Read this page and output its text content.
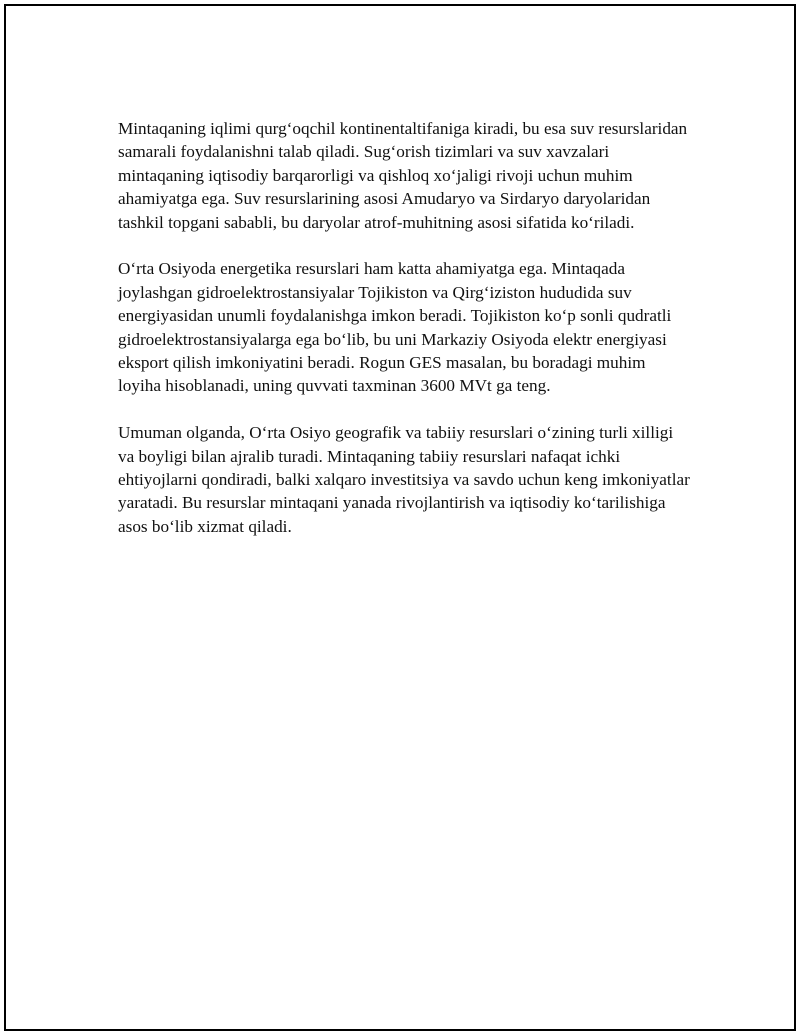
Mintaqaning iqlimi qurg‘oqchil kontinentaltifaniga kiradi, bu esa suv resurslaridan samarali foydalanishni talab qiladi. Sug‘orish tizimlari va suv xavzalari mintaqaning iqtisodiy barqarorligi va qishloq xo‘jaligi rivoji uchun muhim ahamiyatga ega. Suv resurslarining asosi Amudaryo va Sirdaryo daryolaridan tashkil topgani sababli, bu daryolar atrof-muhitning asosi sifatida ko‘riladi.

O‘rta Osiyoda energetika resurslari ham katta ahamiyatga ega. Mintaqada joylashgan gidroelektrostansiyalar Tojikiston va Qirg‘iziston hududida suv energiyasidan unumli foydalanishga imkon beradi. Tojikiston ko‘p sonli qudratli gidroelektrostansiyalarga ega bo‘lib, bu uni Markaziy Osiyoda elektr energiyasi eksport qilish imkoniyatini beradi. Rogun GES masalan, bu boradagi muhim loyiha hisoblanadi, uning quvvati taxminan 3600 MVt ga teng.

Umuman olganda, O‘rta Osiyo geografik va tabiiy resurslari o‘zining turli xilligi va boyligi bilan ajralib turadi. Mintaqaning tabiiy resurslari nafaqat ichki ehtiyojlarni qondiradi, balki xalqaro investitsiya va savdo uchun keng imkoniyatlar yaratadi. Bu resurslar mintaqani yanada rivojlantirish va iqtisodiy ko‘tarilishiga asos bo‘lib xizmat qiladi.
